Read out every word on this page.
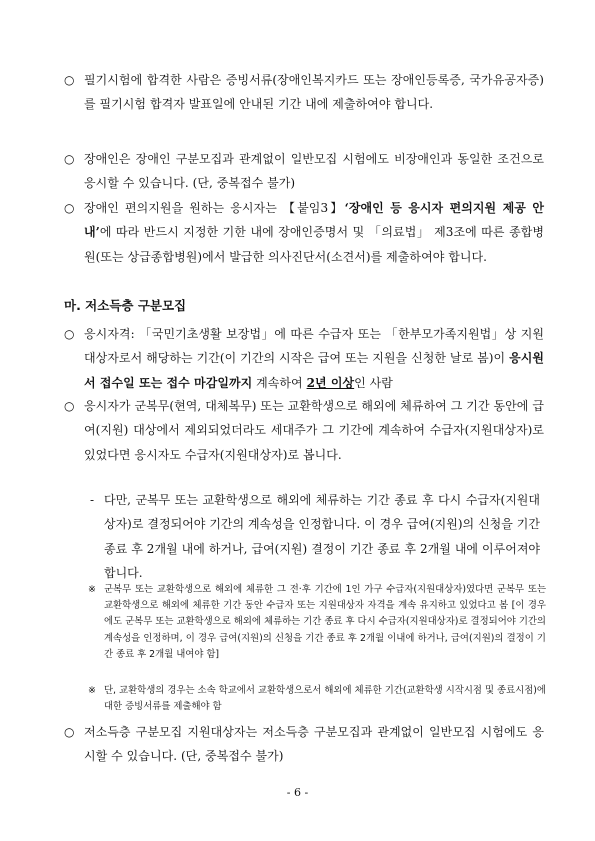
○ 필기시험에 합격한 사람은 증빙서류(장애인복지카드 또는 장애인등록증, 국가유공자증)를 필기시험 합격자 발표일에 안내된 기간 내에 제출하여야 합니다.
○ 장애인은 장애인 구분모집과 관계없이 일반모집 시험에도 비장애인과 동일한 조건으로 응시할 수 있습니다. (단, 중복접수 불가)
○ 장애인 편의지원을 원하는 응시자는 【붙임3】‘장애인 등 응시자 편의지원 제공 안내’에 따라 반드시 지정한 기한 내에 장애인증명서 및 「의료법」 제3조에 따른 종합병원(또는 상급종합병원)에서 발급한 의사진단서(소견서)를 제출하여야 합니다.
마. 저소득층 구분모집
○ 응시자격: 「국민기초생활 보장법」에 따른 수급자 또는 「한부모가족지원법」상 지원대상자로서 해당하는 기간(이 기간의 시작은 급여 또는 지원을 신청한 날로 봄)이 응시원서 접수일 또는 접수 마감일까지 계속하여 2년 이상인 사람
○ 응시자가 군복무(현역, 대체복무) 또는 교환학생으로 해외에 체류하여 그 기간 동안에 급여(지원) 대상에서 제외되었더라도 세대주가 그 기간에 계속하여 수급자(지원대상자)로 있었다면 응시자도 수급자(지원대상자)로 봅니다.
- 다만, 군복무 또는 교환학생으로 해외에 체류하는 기간 종료 후 다시 수급자(지원대상자)로 결정되어야 기간의 계속성을 인정합니다. 이 경우 급여(지원)의 신청을 기간 종료 후 2개월 내에 하거나, 급여(지원) 결정이 기간 종료 후 2개월 내에 이루어져야 합니다.
※ 군복무 또는 교환학생으로 해외에 체류한 그 전·후 기간에 1인 가구 수급자(지원대상자)였다면 군복무 또는 교환학생으로 해외에 체류한 기간 동안 수급자 또는 지원대상자 자격을 계속 유지하고 있었다고 봄 [이 경우에도 군복무 또는 교환학생으로 해외에 체류하는 기간 종료 후 다시 수급자(지원대상자)로 결정되어야 기간의 계속성을 인정하며, 이 경우 급여(지원)의 신청을 기간 종료 후 2개월 이내에 하거나, 급여(지원)의 결정이 기간 종료 후 2개월 내여야 함]
※ 단, 교환학생의 경우는 소속 학교에서 교환학생으로서 해외에 체류한 기간(교환학생 시작시점 및 종료시점)에 대한 증빙서류를 제출해야 함
○ 저소득층 구분모집 지원대상자는 저소득층 구분모집과 관계없이 일반모집 시험에도 응시할 수 있습니다. (단, 중복접수 불가)
- 6 -
